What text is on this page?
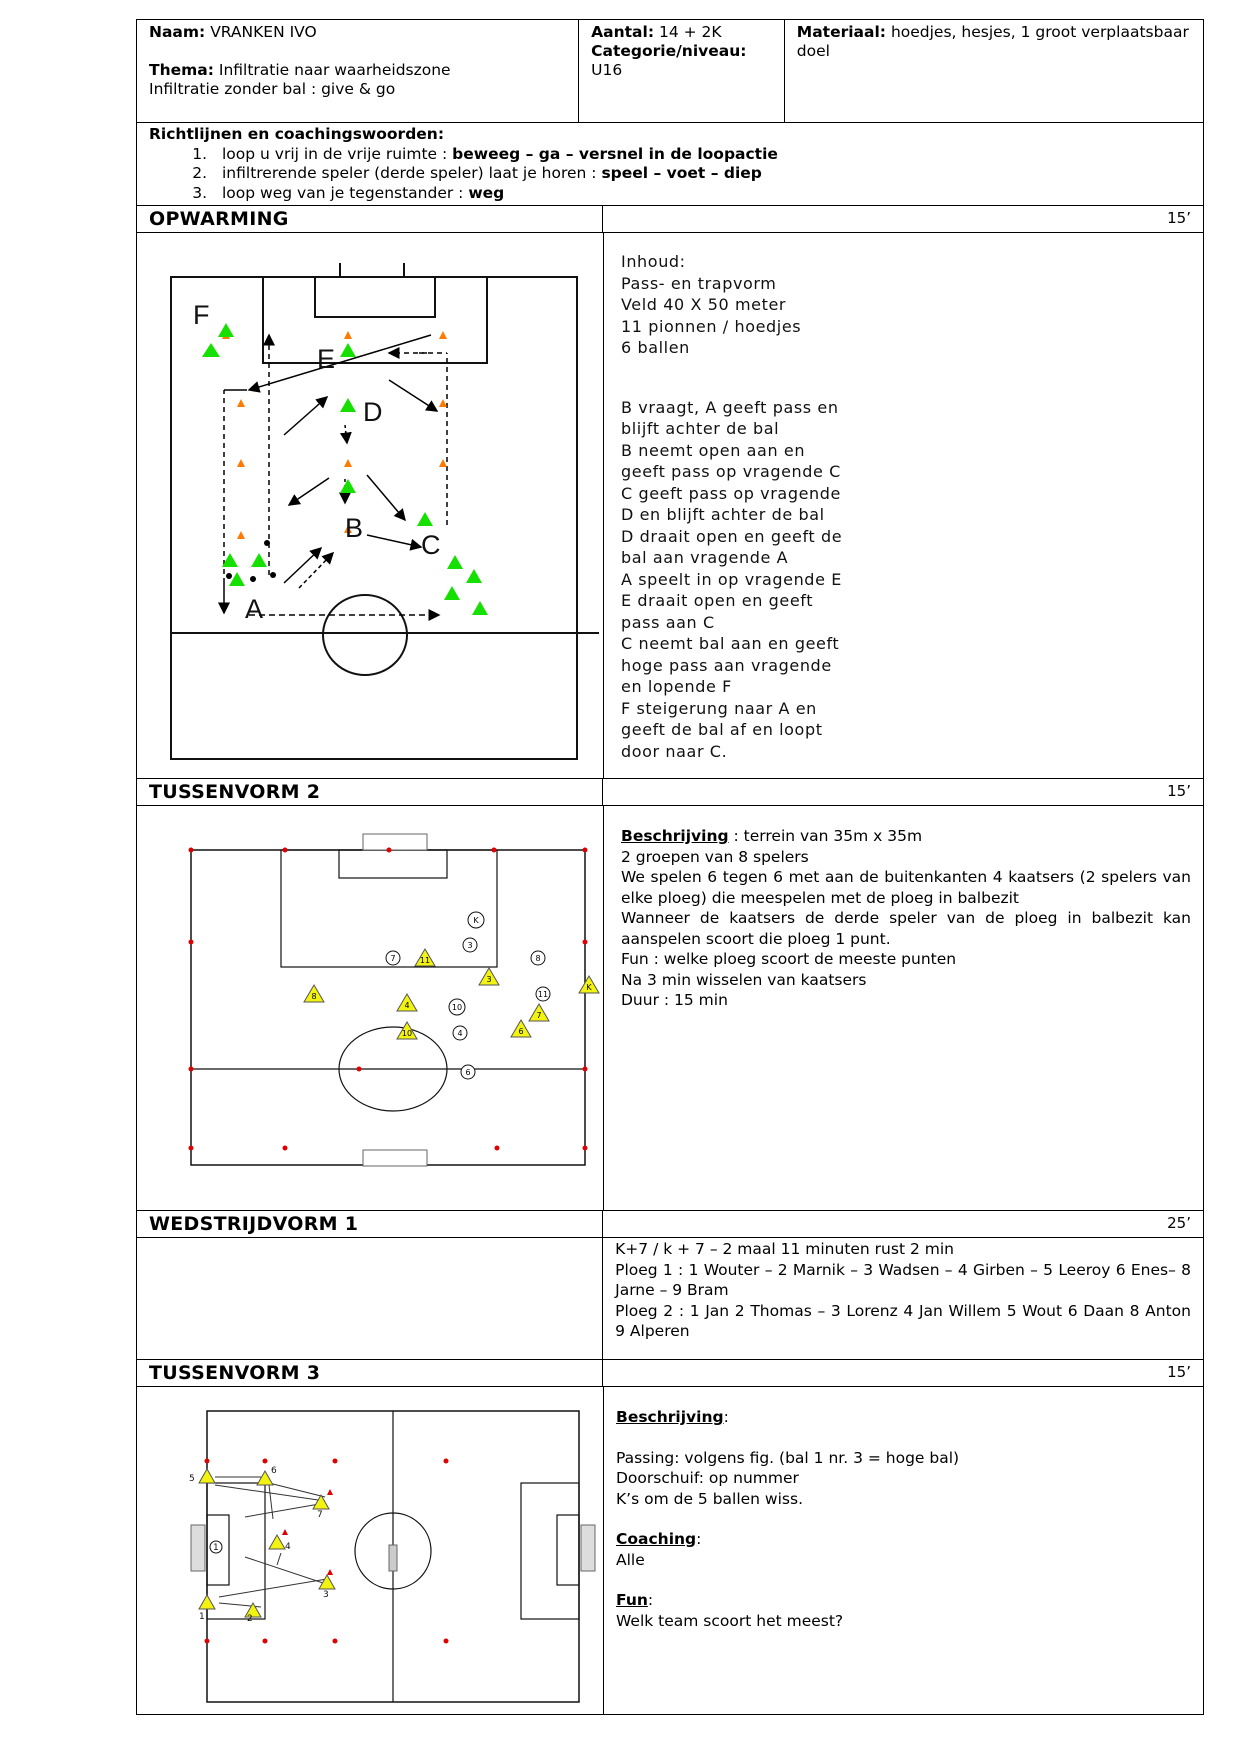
Naam: VRANKEN IVO
Thema: Infiltratie naar waarheidszone
Infiltratie zonder bal : give & go
Aantal: 14 + 2K
Categorie/niveau:
U16
Materiaal: hoedjes, hesjes, 1 groot verplaatsbaar doel
Richtlijnen en coachingswoorden:
1. loop u vrij in de vrije ruimte : beweeg – ga – versnel in de loopactie
2. infiltrerende speler (derde speler) laat je horen : speel – voet – diep
3. loop weg van je tegenstander : weg
OPWARMING	15’
F
E
D
B
C
A
Inhoud:
Pass- en trapvorm
Veld 40 X 50 meter
11 pionnen / hoedjes
6 ballen
B vraagt, A geeft pass en
blijft achter de bal
B neemt open aan en
geeft pass op vragende C
C geeft pass op vragende
D en blijft achter de bal
D draait open en geeft de
bal aan vragende A
A speelt in op vragende E
E draait open en geeft
pass aan C
C neemt bal aan en geeft
hoge pass aan vragende
en lopende F
F steigerung naar A en
geeft de bal af en loopt
door naar C.
TUSSENVORM 2	15’
K
3
7	8
11
10
4
6
11
3
8
4
10	6
7
K
Beschrijving : terrein van 35m x 35m
2 groepen van 8 spelers
We spelen 6 tegen 6 met aan de buitenkanten 4 kaatsers (2 spelers van elke ploeg) die meespelen met de ploeg in balbezit
Wanneer de kaatsers de derde speler van de ploeg in balbezit kan aanspelen scoort die ploeg 1 punt.
Fun : welke ploeg scoort de meeste punten
Na 3 min wisselen van kaatsers
Duur : 15 min
WEDSTRIJDVORM 1	25’
K+7 / k + 7 – 2 maal 11 minuten rust 2 min
Ploeg 1 : 1 Wouter – 2 Marnik – 3 Wadsen – 4 Girben – 5 Leeroy 6 Enes– 8 Jarne – 9 Bram
Ploeg 2 : 1 Jan 2 Thomas – 3 Lorenz 4 Jan Willem 5 Wout 6 Daan 8 Anton 9 Alperen
TUSSENVORM 3	15’
5
6
7
1	4
3
1	2
Beschrijving:
Passing: volgens fig. (bal 1 nr. 3 = hoge bal)
Doorschuif: op nummer
K’s om de 5 ballen wiss.
Coaching:
Alle
Fun:
Welk team scoort het meest?
